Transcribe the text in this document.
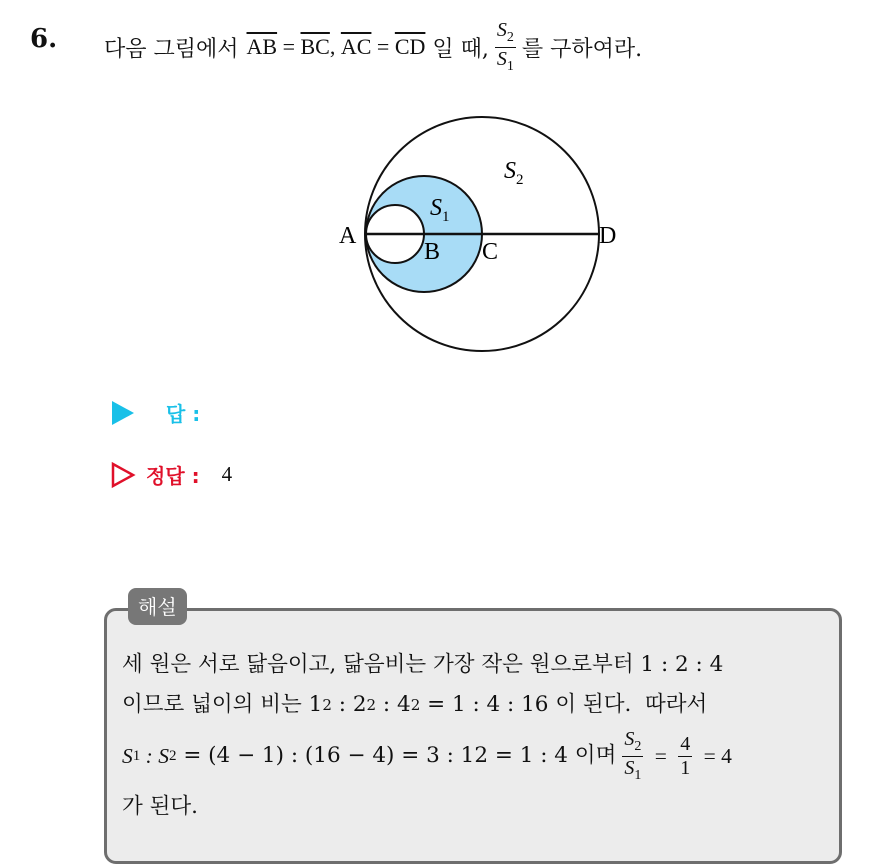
6. 다음 그림에서 $\overline{AB} = \overline{BC}$ , $\overline{AC} = \overline{CD}$ 일 때, $\frac{S_2}{S_1}$ 를 구하여라.
A
B C
D
$S_1$
$S_2$
답 :
정답 : 4
해설
세 원은 서로 닮음이고, 닮음비는 가장 작은 원으로부터 1 : 2 : 4
이므로 넓이의 비는 1 2 : 2 2 : 4 2 = 1 : 4 : 16 이 된다.  따라서
S 1 : S 2 = (4 − 1) : (16 − 4) = 3 : 12 = 1 : 4 이며 $\frac{S_2}{S_1} = \frac{4}{1} = 4$
가 된다.
